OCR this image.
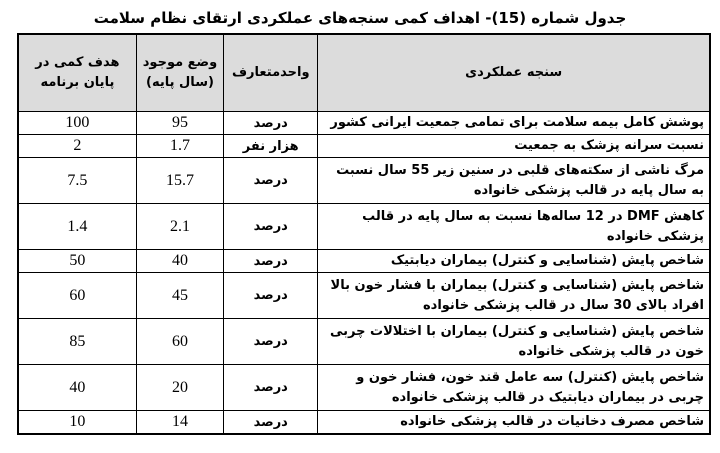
جدول شماره (15)- اهداف کمی سنجه‌های عملکردی ارتقای نظام سلامت
سنجه عملکردی	واحدمتعارف	وضع موجود (سال پایه)	هدف کمی در پایان برنامه
پوشش کامل بیمه سلامت برای تمامی جمعیت ایرانی کشور	درصد	95	100
نسبت سرانه پزشک به جمعیت	هزار نفر	1.7	2
مرگ ناشی از سکته‌های قلبی در سنین زیر 55 سال نسبت به سال پایه در قالب پزشکی خانواده	درصد	15.7	7.5
کاهش DMF در 12 ساله‌ها نسبت به سال پایه در قالب پزشکی خانواده	درصد	2.1	1.4
شاخص پایش (شناسایی و کنترل) بیماران دیابتیک	درصد	40	50
شاخص پایش (شناسایی و کنترل) بیماران با فشار خون بالا افراد بالای 30 سال در قالب پزشکی خانواده	درصد	45	60
شاخص پایش (شناسایی و کنترل) بیماران با اختلالات چربی خون در قالب پزشکی خانواده	درصد	60	85
شاخص پایش (کنترل) سه عامل قند خون، فشار خون و چربی در بیماران دیابتیک در قالب پزشکی خانواده	درصد	20	40
شاخص مصرف دخانیات در قالب پزشکی خانواده	درصد	14	10
